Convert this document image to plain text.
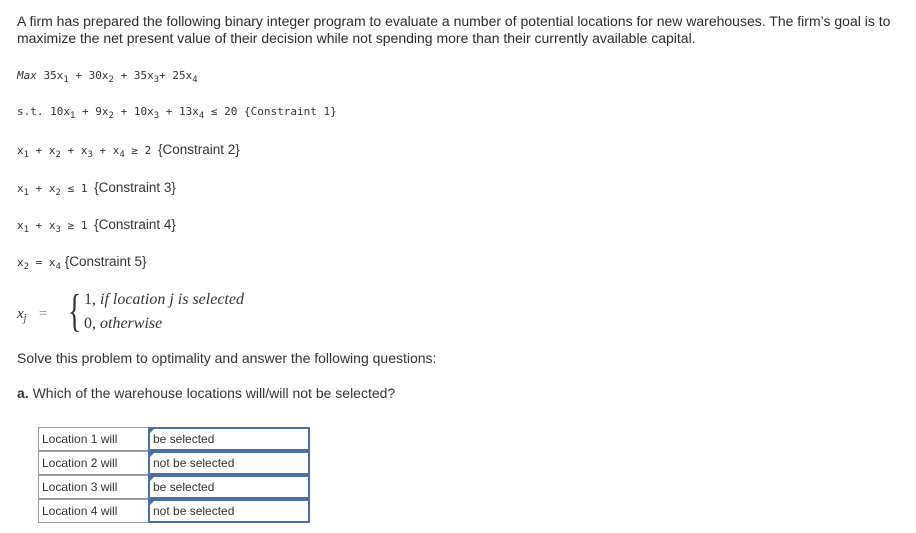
A firm has prepared the following binary integer program to evaluate a number of potential locations for new warehouses. The firm’s goal is to maximize the net present value of their decision while not spending more than their currently available capital.
Max $35x_1 + 30x_2 + 35x_3+ 25x_4$
s.t. $10x_1 + 9x_2 + 10x_3 + 13x_4 \le 20$ {Constraint 1}
$x_1 + x_2 + x_3 + x_4 \ge 2$ {Constraint 2}
$x_1 + x_2 \le 1$ {Constraint 3}
$x_1 + x_3 \ge 1$ {Constraint 4}
$x_2 = x_4$ {Constraint 5}
$x_j$ = { 1, if location j is selected
0, otherwise
Solve this problem to optimality and answer the following questions:
a. Which of the warehouse locations will/will not be selected?
Location 1 will	be selected
Location 2 will	not be selected
Location 3 will	be selected
Location 4 will	not be selected
